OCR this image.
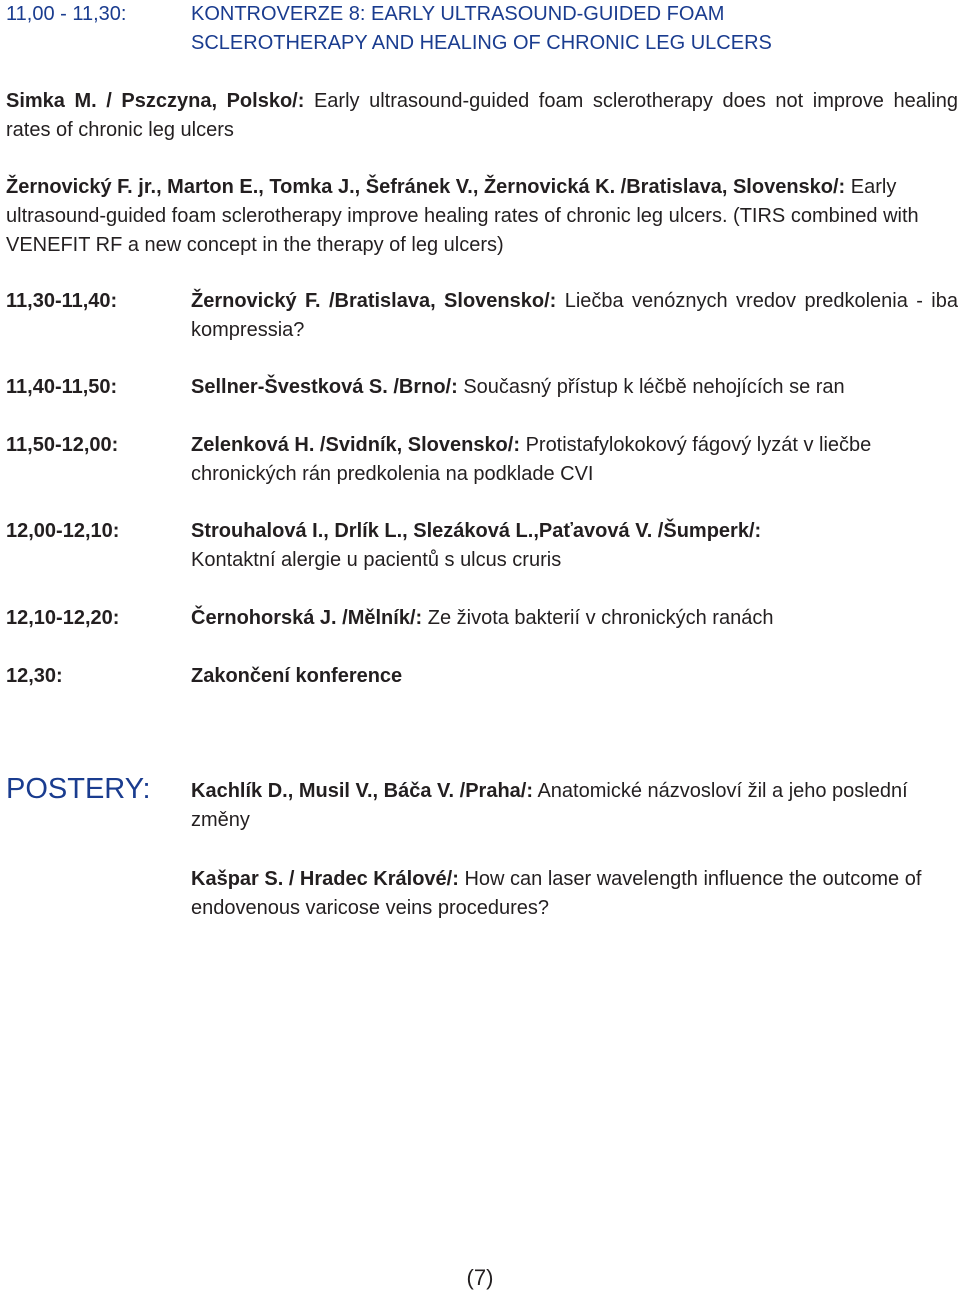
11,00 - 11,30:	KONTROVERZE 8: EARLY ULTRASOUND-GUIDED FOAM
SCLEROTHERAPY AND HEALING OF CHRONIC LEG ULCERS

Simka M. / Pszczyna, Polsko/: Early ultrasound-guided foam sclerotherapy does not improve healing rates of chronic leg ulcers

Žernovický F. jr., Marton E., Tomka J., Šefránek V., Žernovická K. /Bratislava, Slovensko/: Early ultrasound-guided foam sclerotherapy improve healing rates of chronic leg ulcers. (TIRS combined with VENEFIT RF a new concept in the therapy of leg ulcers)

11,30-11,40:	Žernovický F. /Bratislava, Slovensko/: Liečba venóznych vredov predkolenia - iba kompressia?

11,40-11,50:	Sellner-Švestková S. /Brno/: Současný přístup k léčbě nehojících se ran

11,50-12,00:	Zelenková H. /Svidník, Slovensko/: Protistafylokokový fágový lyzát v liečbe chronických rán predkolenia na podklade CVI

12,00-12,10:	Strouhalová I., Drlík L., Slezáková L.,Paťavová V. /Šumperk/:
Kontaktní alergie u pacientů s ulcus cruris

12,10-12,20:	Černohorská J. /Mělník/: Ze života bakterií v chronických ranách

12,30:	Zakončení konference

POSTERY: Kachlík D., Musil V., Báča V. /Praha/: Anatomické názvosloví žil a jeho poslední změny

Kašpar S. / Hradec Králové/: How can laser wavelength influence the outcome of endovenous varicose veins procedures?

(7)
